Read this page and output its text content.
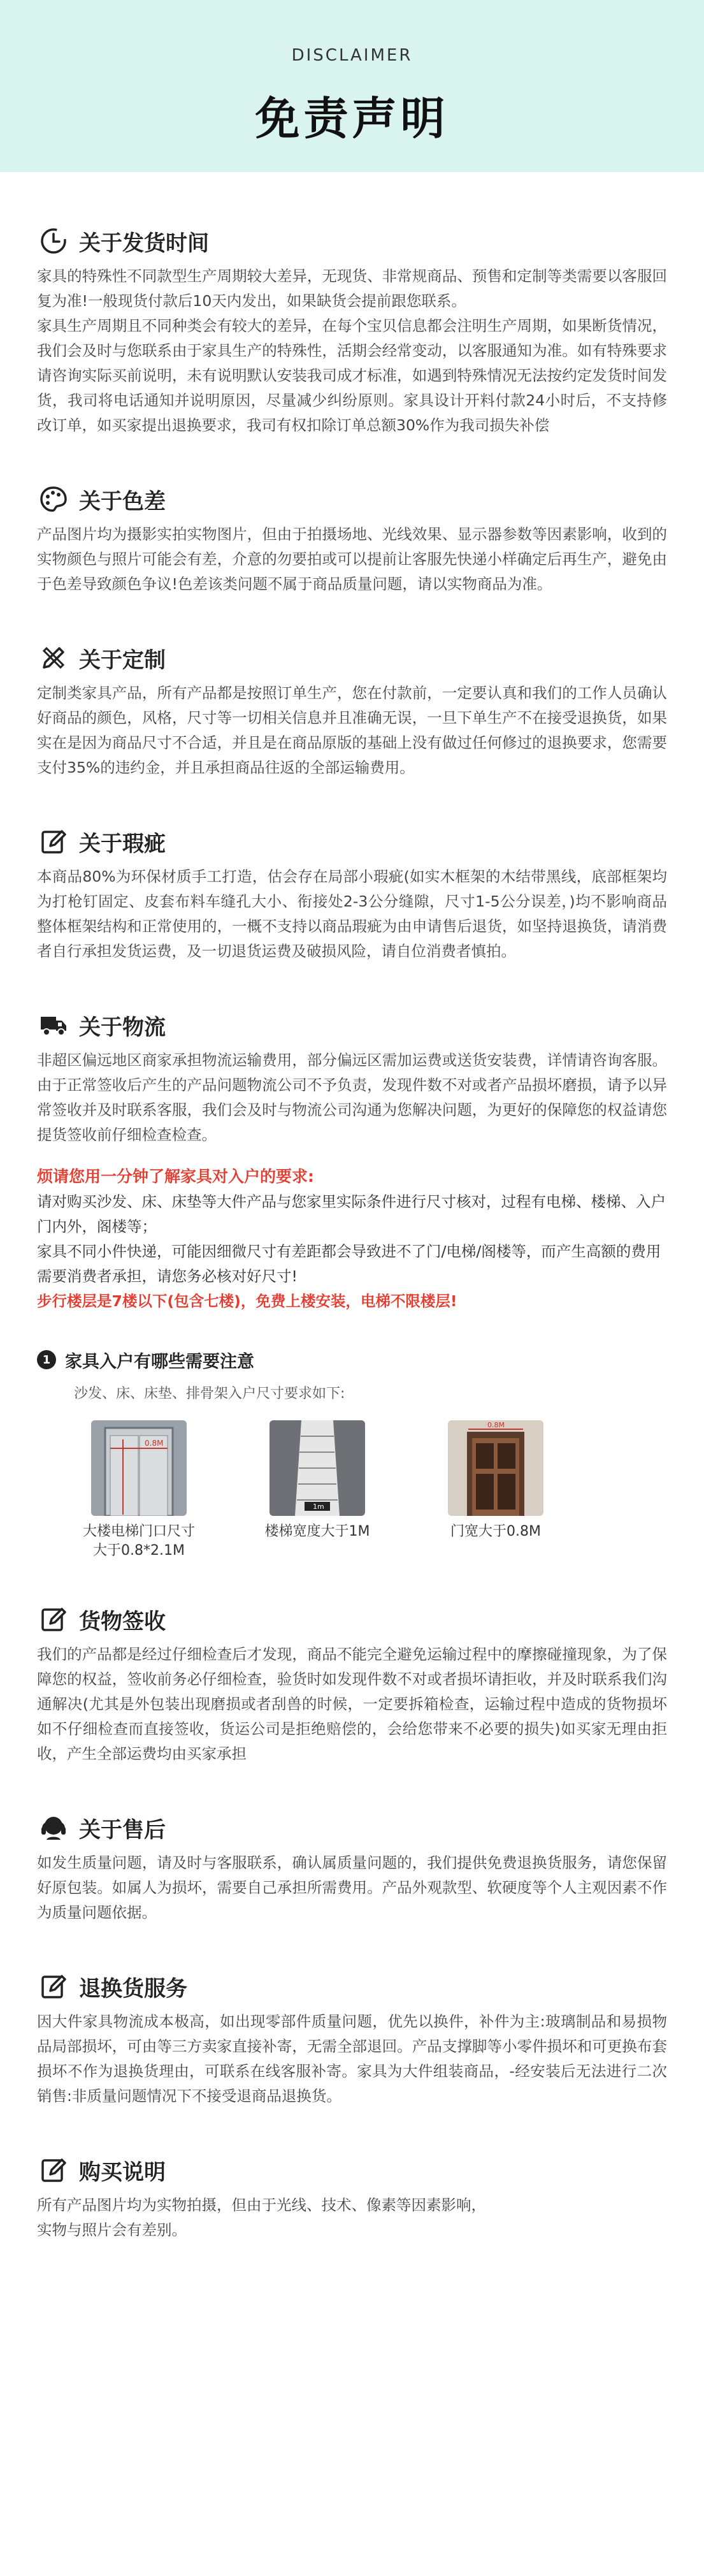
DISCLAIMER
免责声明
关于发货时间

家具的特殊性不同款型生产周期较大差异，无现货、非常规商品、预售和定制等类需要以客服回复为准!一般现货付款后10天内发出，如果缺货会提前跟您联系。
家具生产周期且不同种类会有较大的差异，在每个宝贝信息都会注明生产周期，如果断货情况，我们会及时与您联系由于家具生产的特殊性，活期会经常变动，以客服通知为准。如有特殊要求请咨询实际买前说明，未有说明默认安装我司成才标准，如遇到特殊情况无法按约定发货时间发货，我司将电话通知并说明原因，尽量减少纠纷原则。家具设计开料付款24小时后，不支持修改订单，如买家提出退换要求，我司有权扣除订单总额30%作为我司损失补偿

关于色差

产品图片均为摄影实拍实物图片，但由于拍摄场地、光线效果、显示器参数等因素影响，收到的实物颜色与照片可能会有差，介意的勿要拍或可以提前让客服先快递小样确定后再生产，避免由于色差导致颜色争议!色差该类问题不属于商品质量问题，请以实物商品为准。

关于定制

定制类家具产品，所有产品都是按照订单生产，您在付款前，一定要认真和我们的工作人员确认好商品的颜色，风格，尺寸等一切相关信息并且准确无误，一旦下单生产不在接受退换货，如果实在是因为商品尺寸不合适，并且是在商品原版的基础上没有做过任何修过的退换要求，您需要支付35%的违约金，并且承担商品往返的全部运输费用。

关于瑕疵

本商品80%为环保材质手工打造，估会存在局部小瑕疵(如实木框架的木结带黑线，底部框架均为打枪钉固定、皮套布料车缝孔大小、衔接处2-3公分缝隙，尺寸1-5公分误差，)均不影响商品整体框架结构和正常使用的，一概不支持以商品瑕疵为由申请售后退货，如坚持退换货，请消费者自行承担发货运费，及一切退货运费及破损风险，请自位消费者慎拍。

关于物流

非超区偏远地区商家承担物流运输费用，部分偏远区需加运费或送货安装费，详情请咨询客服。由于正常签收后产生的产品问题物流公司不予负责，发现件数不对或者产品损坏磨损，请予以异常签收并及时联系客服，我们会及时与物流公司沟通为您解决问题，为更好的保障您的权益请您提货签收前仔细检查检查。

烦请您用一分钟了解家具对入户的要求:
请对购买沙发、床、床垫等大件产品与您家里实际条件进行尺寸核对，过程有电梯、楼梯、入户门内外，阁楼等；
家具不同小件快递，可能因细微尺寸有差距都会导致进不了门/电梯/阁楼等，而产生高额的费用需要消费者承担，请您务必核对好尺寸!
步行楼层是7楼以下(包含七楼)，免费上楼安装，电梯不限楼层!
1 家具入户有哪些需要注意
沙发、床、床垫、排骨架入户尺寸要求如下:
0.8M
大楼电梯门口尺寸
大于0.8*2.1M
1m
楼梯宽度大于1M
0.8M
门宽大于0.8M
货物签收

我们的产品都是经过仔细检查后才发现，商品不能完全避免运输过程中的摩擦碰撞现象，为了保障您的权益，签收前务必仔细检查，验货时如发现件数不对或者损坏请拒收，并及时联系我们沟通解决(尤其是外包装出现磨损或者刮兽的时候，一定要拆箱检查，运输过程中造成的货物损坏如不仔细检查而直接签收，货运公司是拒绝赔偿的，会给您带来不必要的损失)如买家无理由拒收，产生全部运费均由买家承担

关于售后

如发生质量问题，请及时与客服联系，确认属质量问题的，我们提供免费退换货服务，请您保留好原包装。如属人为损坏，需要自己承担所需费用。产品外观款型、软硬度等个人主观因素不作为质量问题依据。

退换货服务

因大件家具物流成本极高，如出现零部件质量问题，优先以换件，补件为主:玻璃制品和易损物品局部损坏，可由等三方卖家直接补寄，无需全部退回。产品支撑脚等小零件损坏和可更换布套损坏不作为退换货理由，可联系在线客服补寄。家具为大件组装商品，-经安装后无法进行二次销售:非质量问题情况下不接受退商品退换货。

购买说明

所有产品图片均为实物拍摄，但由于光线、技术、像素等因素影响，
实物与照片会有差别。
